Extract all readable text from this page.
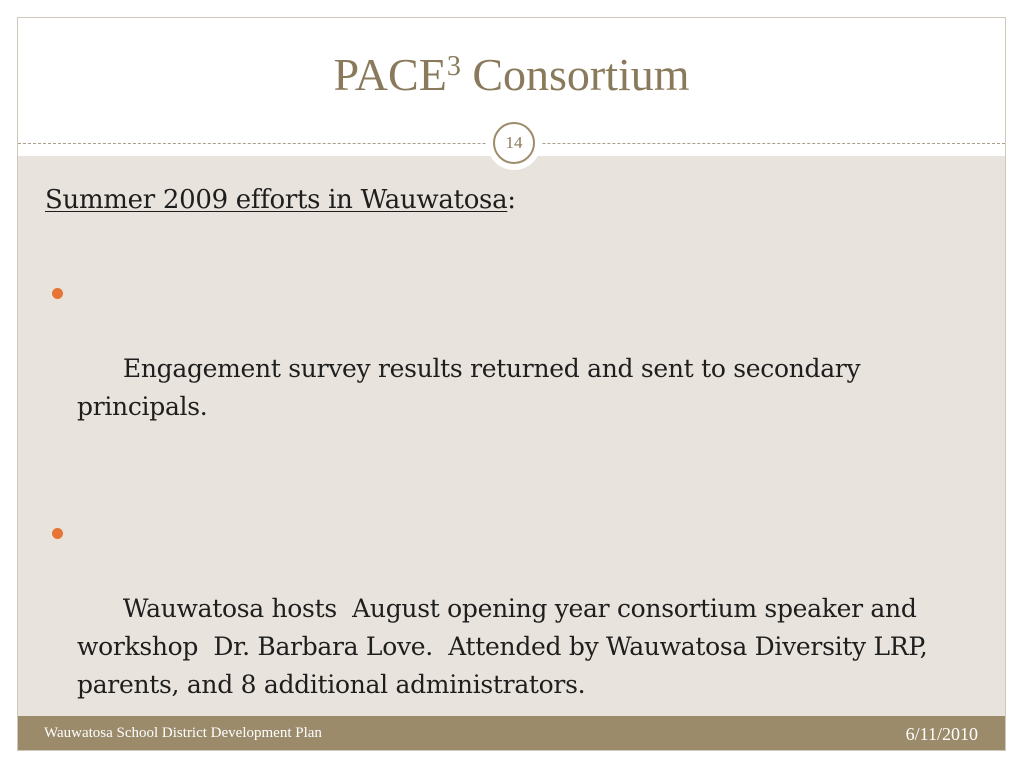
PACE$^3$ Consortium
14
Summer 2009 efforts in Wauwatosa:

Engagement survey results returned and sent to secondary principals.

Wauwatosa hosts  August opening year consortium speaker and workshop  Dr. Barbara Love.  Attended by Wauwatosa Diversity LRP, parents, and 8 additional administrators.

Wauwatosa School District Development Plan	6/11/2010
